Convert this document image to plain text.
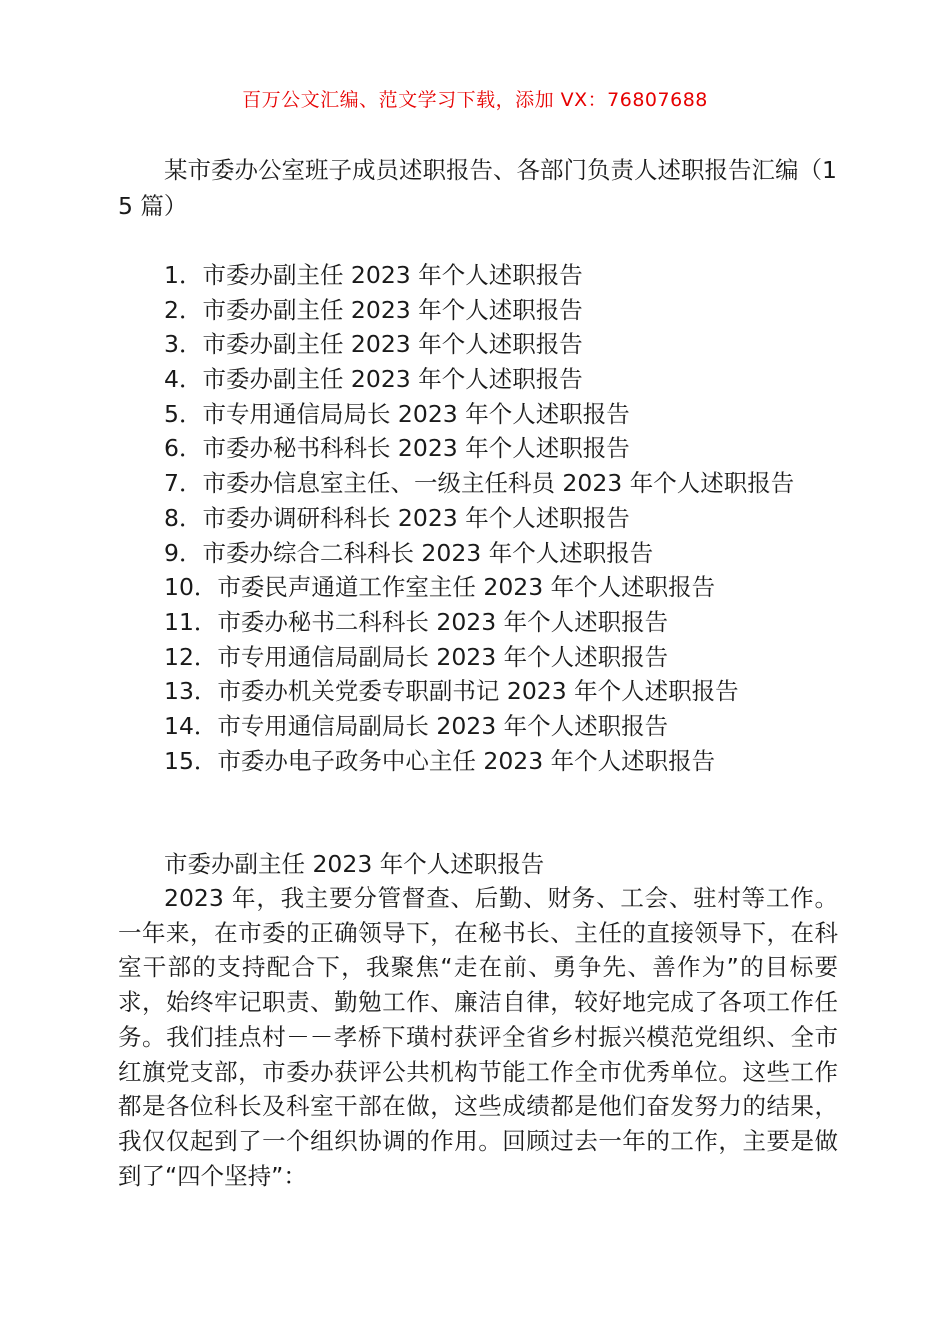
百万公文汇编、范文学习下载，添加 VX：76807688
某市委办公室班子成员述职报告、各部门负责人述职报告汇编（15 篇）
1．市委办副主任 2023 年个人述职报告
2．市委办副主任 2023 年个人述职报告
3．市委办副主任 2023 年个人述职报告
4．市委办副主任 2023 年个人述职报告
5．市专用通信局局长 2023 年个人述职报告
6．市委办秘书科科长 2023 年个人述职报告
7．市委办信息室主任、一级主任科员 2023 年个人述职报告
8．市委办调研科科长 2023 年个人述职报告
9．市委办综合二科科长 2023 年个人述职报告
10．市委民声通道工作室主任 2023 年个人述职报告
11．市委办秘书二科科长 2023 年个人述职报告
12．市专用通信局副局长 2023 年个人述职报告
13．市委办机关党委专职副书记 2023 年个人述职报告
14．市专用通信局副局长 2023 年个人述职报告
15．市委办电子政务中心主任 2023 年个人述职报告
市委办副主任 2023 年个人述职报告

2023 年，我主要分管督查、后勤、财务、工会、驻村等工作。一年来，在市委的正确领导下，在秘书长、主任的直接领导下，在科室干部的支持配合下，我聚焦“走在前、勇争先、善作为”的目标要求，始终牢记职责、勤勉工作、廉洁自律，较好地完成了各项工作任务。我们挂点村－－孝桥下璜村获评全省乡村振兴模范党组织、全市红旗党支部，市委办获评公共机构节能工作全市优秀单位。这些工作都是各位科长及科室干部在做，这些成绩都是他们奋发努力的结果，我仅仅起到了一个组织协调的作用。回顾过去一年的工作，主要是做到了“四个坚持”：
